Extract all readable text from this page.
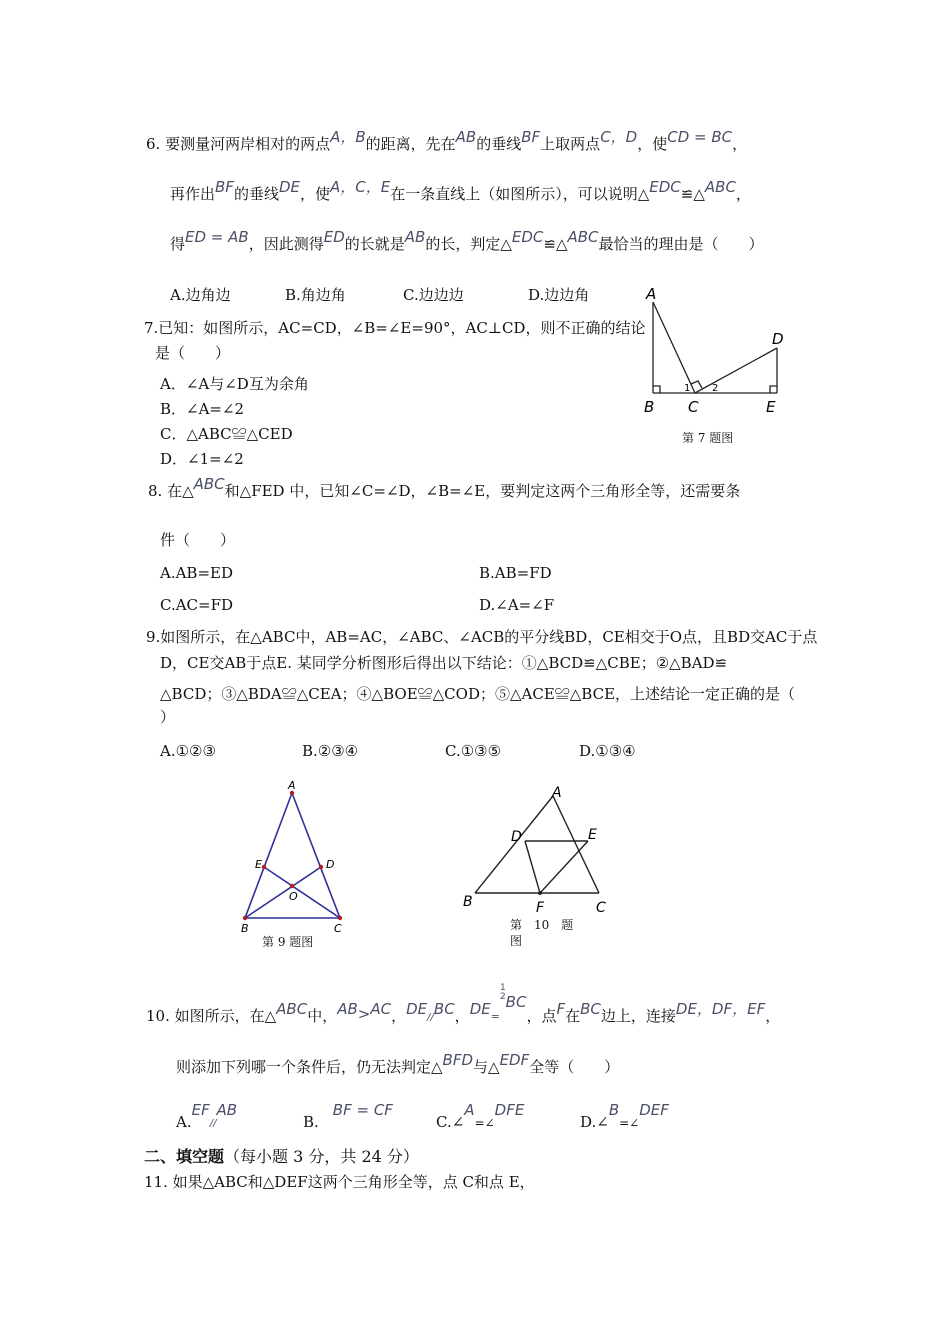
6. 要测量河两岸相对的两点A，B的距离，先在AB的垂线BF上取两点C，D，使CD = BC，
再作出BF的垂线DE，使A，C，E在一条直线上（如图所示），可以说明△EDC≌△ABC，
得ED = AB，因此测得ED的长就是AB的长，判定△EDC≌△ABC最恰当的理由是（　　）
A.边角边	B.角边角	C.边边边	D.边边角
7.已知：如图所示，AC=CD，∠B=∠E=90°，AC⊥CD，则不正确的结论
是（　　）
A．∠A与∠D互为余角
B．∠A=∠2
C．△ABC≌△CED
D．∠1=∠2
A
B C
D
E
1 2
第 7 题图
8. 在△ABC和△FED 中，已知∠C=∠D，∠B=∠E，要判定这两个三角形全等，还需要条
件（　　）
A.AB=ED	B.AB=FD
C.AC=FD	D.∠A=∠F
9.如图所示，在△ABC中，AB=AC，∠ABC、∠ACB的平分线BD，CE相交于O点，且BD交AC于点
D，CE交AB于点E. 某同学分析图形后得出以下结论：①△BCD≌△CBE；②△BAD≌
△BCD；③△BDA≌△CEA；④△BOE≌△COD；⑤△ACE≌△BCE，上述结论一定正确的是（
）
A.①②③	B.②③④	C.①③⑤	D.①③④
A
B	C
D
E
O
第 9 题图
A
B	C
D	E
F
第　10　题
图
10. 如图所示，在△ABC中，AB>AC，DE//BC，DE=1
2BC，点F在BC边上，连接DE，DF，EF，
则添加下列哪一个条件后，仍无法判定△BFD与△EDF全等（　　）
A.EF//AB
B.BF = CF
C.∠A=∠DFE
D.∠B=∠DEF
二、填空题（每小题 3 分，共 24 分）
11. 如果△ABC和△DEF这两个三角形全等，点 C和点 E，
